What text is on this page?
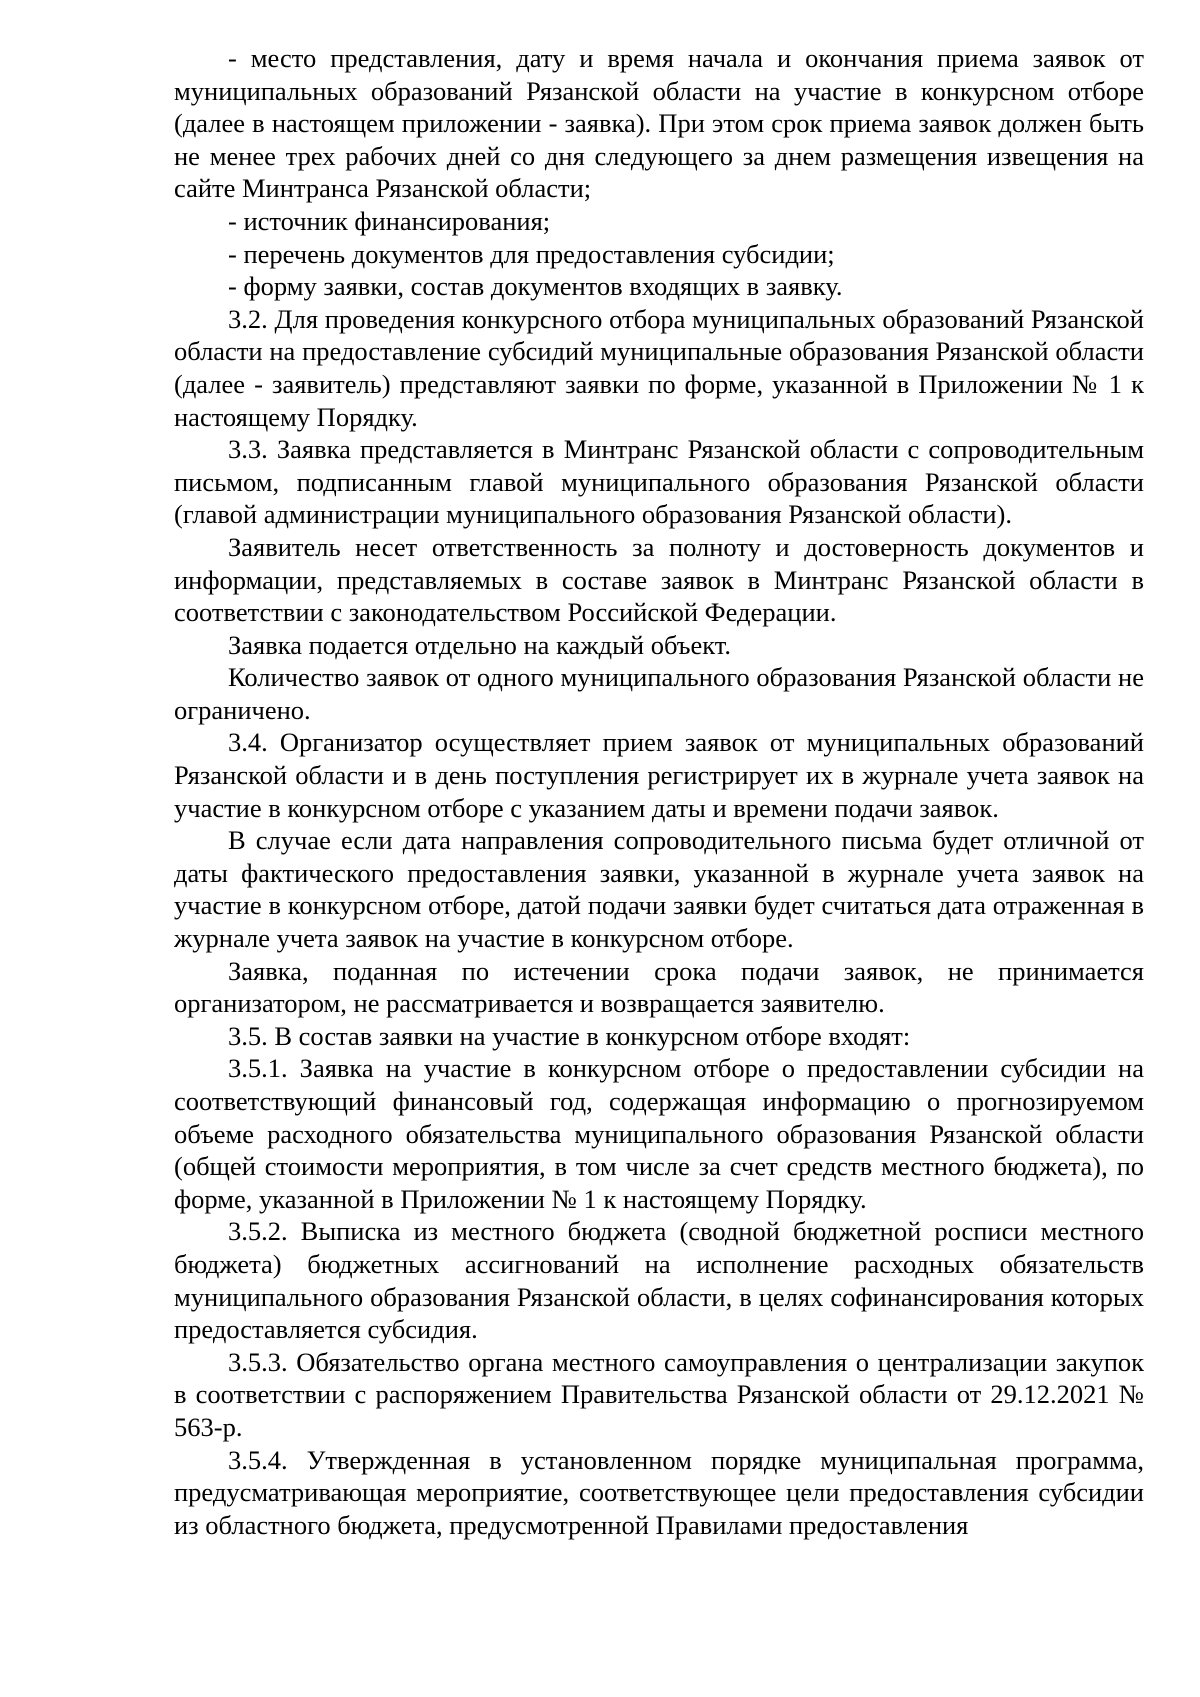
- место представления, дату и время начала и окончания приема заявок от муниципальных образований Рязанской области на участие в конкурсном отборе (далее в настоящем приложении - заявка). При этом срок приема заявок должен быть не менее трех рабочих дней со дня следующего за днем размещения извещения на сайте Минтранса Рязанской области;

- источник финансирования;

- перечень документов для предоставления субсидии;

- форму заявки, состав документов входящих в заявку.

3.2. Для проведения конкурсного отбора муниципальных образований Рязанской области на предоставление субсидий муниципальные образования Рязанской области (далее - заявитель) представляют заявки по форме, указанной в Приложении № 1 к настоящему Порядку.

3.3. Заявка представляется в Минтранс Рязанской области с сопроводительным письмом, подписанным главой муниципального образования Рязанской области (главой администрации муниципального образования Рязанской области).

Заявитель несет ответственность за полноту и достоверность документов и информации, представляемых в составе заявок в Минтранс Рязанской области в соответствии с законодательством Российской Федерации.

Заявка подается отдельно на каждый объект.

Количество заявок от одного муниципального образования Рязанской области не ограничено.

3.4. Организатор осуществляет прием заявок от муниципальных образований Рязанской области и в день поступления регистрирует их в журнале учета заявок на участие в конкурсном отборе с указанием даты и времени подачи заявок.

В случае если дата направления сопроводительного письма будет отличной от даты фактического предоставления заявки, указанной в журнале учета заявок на участие в конкурсном отборе, датой подачи заявки будет считаться дата отраженная в журнале учета заявок на участие в конкурсном отборе.

Заявка, поданная по истечении срока подачи заявок, не принимается организатором, не рассматривается и возвращается заявителю.

3.5. В состав заявки на участие в конкурсном отборе входят:

3.5.1. Заявка на участие в конкурсном отборе о предоставлении субсидии на соответствующий финансовый год, содержащая информацию о прогнозируемом объеме расходного обязательства муниципального образования Рязанской области (общей стоимости мероприятия, в том числе за счет средств местного бюджета), по форме, указанной в Приложении № 1 к настоящему Порядку.

3.5.2. Выписка из местного бюджета (сводной бюджетной росписи местного бюджета) бюджетных ассигнований на исполнение расходных обязательств муниципального образования Рязанской области, в целях софинансирования которых предоставляется субсидия.

3.5.3. Обязательство органа местного самоуправления о централизации закупок в соответствии с распоряжением Правительства Рязанской области от 29.12.2021 № 563-р.

3.5.4. Утвержденная в установленном порядке муниципальная программа, предусматривающая мероприятие, соответствующее цели предоставления субсидии из областного бюджета, предусмотренной Правилами предоставления
